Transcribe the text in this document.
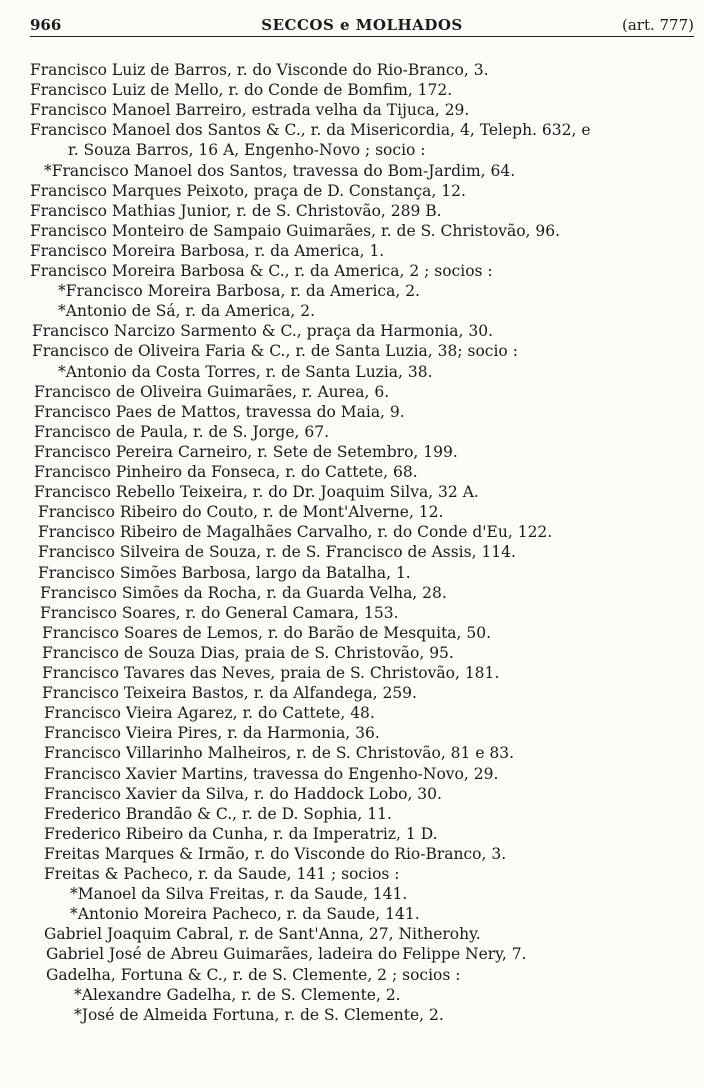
966	SECCOS e MOLHADOS	(art. 777)
Francisco Luiz de Barros, r. do Visconde do Rio-Branco, 3.
Francisco Luiz de Mello, r. do Conde de Bomfim, 172.
Francisco Manoel Barreiro, estrada velha da Tijuca, 29.
Francisco Manoel dos Santos & C., r. da Misericordia, 4, Teleph. 632, e
r. Souza Barros, 16 A, Engenho-Novo ; socio :
*Francisco Manoel dos Santos, travessa do Bom-Jardim, 64.
Francisco Marques Peixoto, praça de D. Constança, 12.
Francisco Mathias Junior, r. de S. Christovão, 289 B.
Francisco Monteiro de Sampaio Guimarães, r. de S. Christovão, 96.
Francisco Moreira Barbosa, r. da America, 1.
Francisco Moreira Barbosa & C., r. da America, 2 ; socios :
*Francisco Moreira Barbosa, r. da America, 2.
*Antonio de Sá, r. da America, 2.
Francisco Narcizo Sarmento & C., praça da Harmonia, 30.
Francisco de Oliveira Faria & C., r. de Santa Luzia, 38; socio :
*Antonio da Costa Torres, r. de Santa Luzia, 38.
Francisco de Oliveira Guimarães, r. Aurea, 6.
Francisco Paes de Mattos, travessa do Maia, 9.
Francisco de Paula, r. de S. Jorge, 67.
Francisco Pereira Carneiro, r. Sete de Setembro, 199.
Francisco Pinheiro da Fonseca, r. do Cattete, 68.
Francisco Rebello Teixeira, r. do Dr. Joaquim Silva, 32 A.
Francisco Ribeiro do Couto, r. de Mont'Alverne, 12.
Francisco Ribeiro de Magalhães Carvalho, r. do Conde d'Eu, 122.
Francisco Silveira de Souza, r. de S. Francisco de Assis, 114.
Francisco Simões Barbosa, largo da Batalha, 1.
Francisco Simões da Rocha, r. da Guarda Velha, 28.
Francisco Soares, r. do General Camara, 153.
Francisco Soares de Lemos, r. do Barão de Mesquita, 50.
Francisco de Souza Dias, praia de S. Christovão, 95.
Francisco Tavares das Neves, praia de S. Christovão, 181.
Francisco Teixeira Bastos, r. da Alfandega, 259.
Francisco Vieira Agarez, r. do Cattete, 48.
Francisco Vieira Pires, r. da Harmonia, 36.
Francisco Villarinho Malheiros, r. de S. Christovão, 81 e 83.
Francisco Xavier Martins, travessa do Engenho-Novo, 29.
Francisco Xavier da Silva, r. do Haddock Lobo, 30.
Frederico Brandão & C., r. de D. Sophia, 11.
Frederico Ribeiro da Cunha, r. da Imperatriz, 1 D.
Freitas Marques & Irmão, r. do Visconde do Rio-Branco, 3.
Freitas & Pacheco, r. da Saude, 141 ; socios :
*Manoel da Silva Freitas, r. da Saude, 141.
*Antonio Moreira Pacheco, r. da Saude, 141.
Gabriel Joaquim Cabral, r. de Sant'Anna, 27, Nitherohy.
Gabriel José de Abreu Guimarães, ladeira do Felippe Nery, 7.
Gadelha, Fortuna & C., r. de S. Clemente, 2 ; socios :
*Alexandre Gadelha, r. de S. Clemente, 2.
*José de Almeida Fortuna, r. de S. Clemente, 2.
